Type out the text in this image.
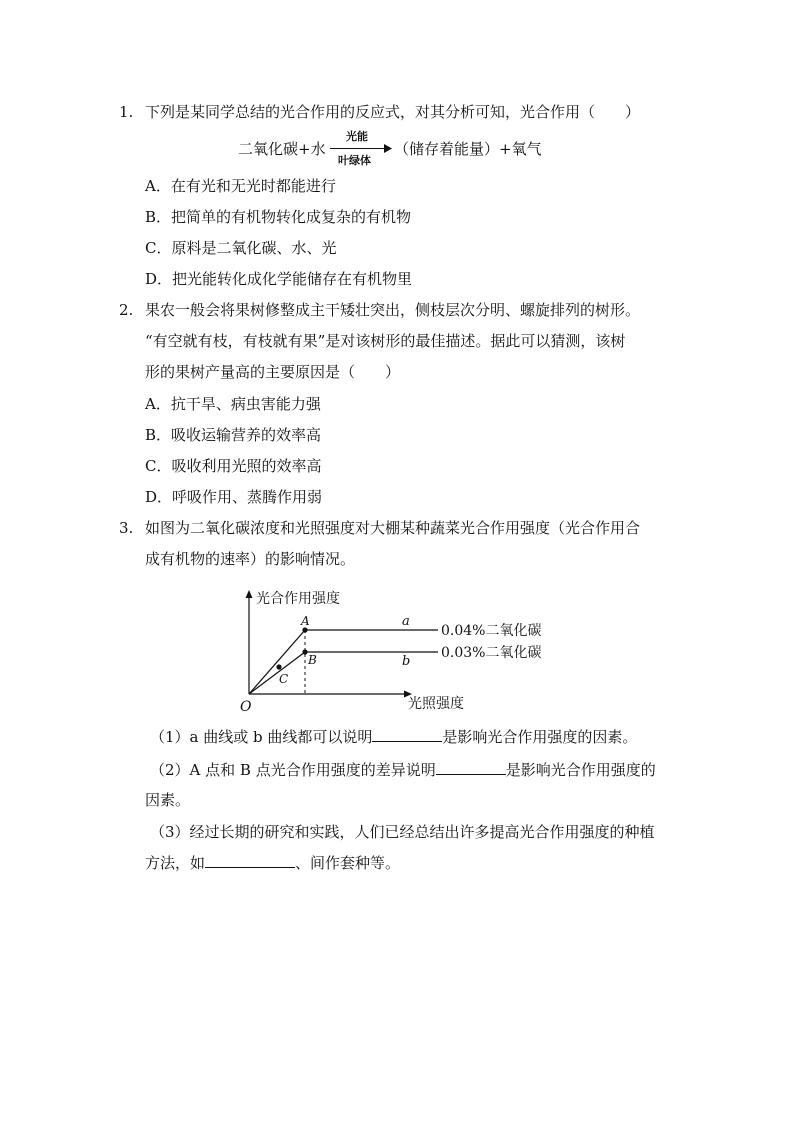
1. 下列是某同学总结的光合作用的反应式，对其分析可知，光合作用（　　）
二氧化碳+水
光能
叶绿体
（储存着能量）+氧气
A．在有光和无光时都能进行
B．把简单的有机物转化成复杂的有机物
C．原料是二氧化碳、水、光
D．把光能转化成化学能储存在有机物里
2. 果农一般会将果树修整成主干矮壮突出，侧枝层次分明、螺旋排列的树形。
“有空就有枝，有枝就有果”是对该树形的最佳描述。据此可以猜测，该树
形的果树产量高的主要原因是（　　）
A．抗干旱、病虫害能力强
B．吸收运输营养的效率高
C．吸收利用光照的效率高
D．呼吸作用、蒸腾作用弱
3. 如图为二氧化碳浓度和光照强度对大棚某种蔬菜光合作用强度（光合作用合
成有机物的速率）的影响情况。
光合作用强度
光照强度
O
A
B
C
a
b
0.04%二氧化碳
0.03%二氧化碳
（1）a 曲线或 b 曲线都可以说明	是影响光合作用强度的因素。
（2）A 点和 B 点光合作用强度的差异说明	是影响光合作用强度的
因素。
（3）经过长期的研究和实践，人们已经总结出许多提高光合作用强度的种植
方法，如	、间作套种等。
